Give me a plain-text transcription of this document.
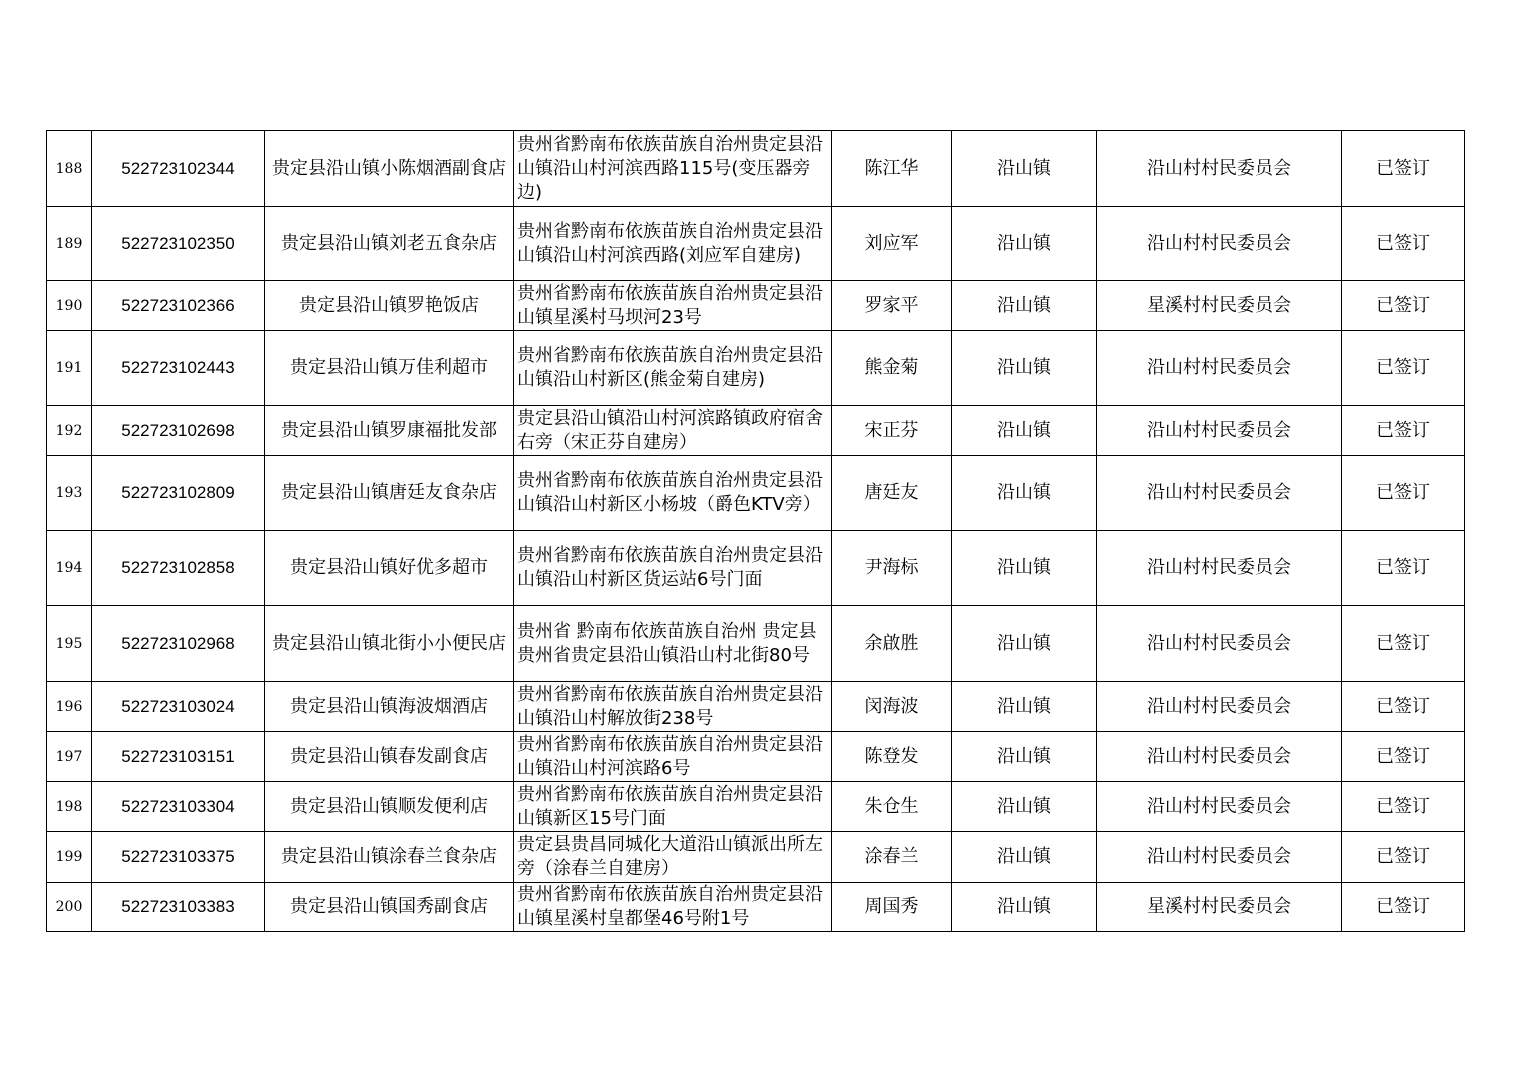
188	522723102344	贵定县沿山镇小陈烟酒副食店	贵州省黔南布依族苗族自治州贵定县沿山镇沿山村河滨西路115号(变压器旁边)	陈江华	沿山镇	沿山村村民委员会	已签订
189	522723102350	贵定县沿山镇刘老五食杂店	贵州省黔南布依族苗族自治州贵定县沿山镇沿山村河滨西路(刘应军自建房)	刘应军	沿山镇	沿山村村民委员会	已签订
190	522723102366	贵定县沿山镇罗艳饭店	贵州省黔南布依族苗族自治州贵定县沿山镇星溪村马坝河23号	罗家平	沿山镇	星溪村村民委员会	已签订
191	522723102443	贵定县沿山镇万佳利超市	贵州省黔南布依族苗族自治州贵定县沿山镇沿山村新区(熊金菊自建房)	熊金菊	沿山镇	沿山村村民委员会	已签订
192	522723102698	贵定县沿山镇罗康福批发部	贵定县沿山镇沿山村河滨路镇政府宿舍右旁（宋正芬自建房）	宋正芬	沿山镇	沿山村村民委员会	已签订
193	522723102809	贵定县沿山镇唐廷友食杂店	贵州省黔南布依族苗族自治州贵定县沿山镇沿山村新区小杨坡（爵色KTV旁）	唐廷友	沿山镇	沿山村村民委员会	已签订
194	522723102858	贵定县沿山镇好优多超市	贵州省黔南布依族苗族自治州贵定县沿山镇沿山村新区货运站6号门面	尹海标	沿山镇	沿山村村民委员会	已签订
195	522723102968	贵定县沿山镇北街小小便民店	贵州省 黔南布依族苗族自治州 贵定县贵州省贵定县沿山镇沿山村北街80号	余啟胜	沿山镇	沿山村村民委员会	已签订
196	522723103024	贵定县沿山镇海波烟酒店	贵州省黔南布依族苗族自治州贵定县沿山镇沿山村解放街238号	闵海波	沿山镇	沿山村村民委员会	已签订
197	522723103151	贵定县沿山镇春发副食店	贵州省黔南布依族苗族自治州贵定县沿山镇沿山村河滨路6号	陈登发	沿山镇	沿山村村民委员会	已签订
198	522723103304	贵定县沿山镇顺发便利店	贵州省黔南布依族苗族自治州贵定县沿山镇新区15号门面	朱仓生	沿山镇	沿山村村民委员会	已签订
199	522723103375	贵定县沿山镇涂春兰食杂店	贵定县贵昌同城化大道沿山镇派出所左旁（涂春兰自建房）	涂春兰	沿山镇	沿山村村民委员会	已签订
200	522723103383	贵定县沿山镇国秀副食店	贵州省黔南布依族苗族自治州贵定县沿山镇星溪村皇都堡46号附1号	周国秀	沿山镇	星溪村村民委员会	已签订
